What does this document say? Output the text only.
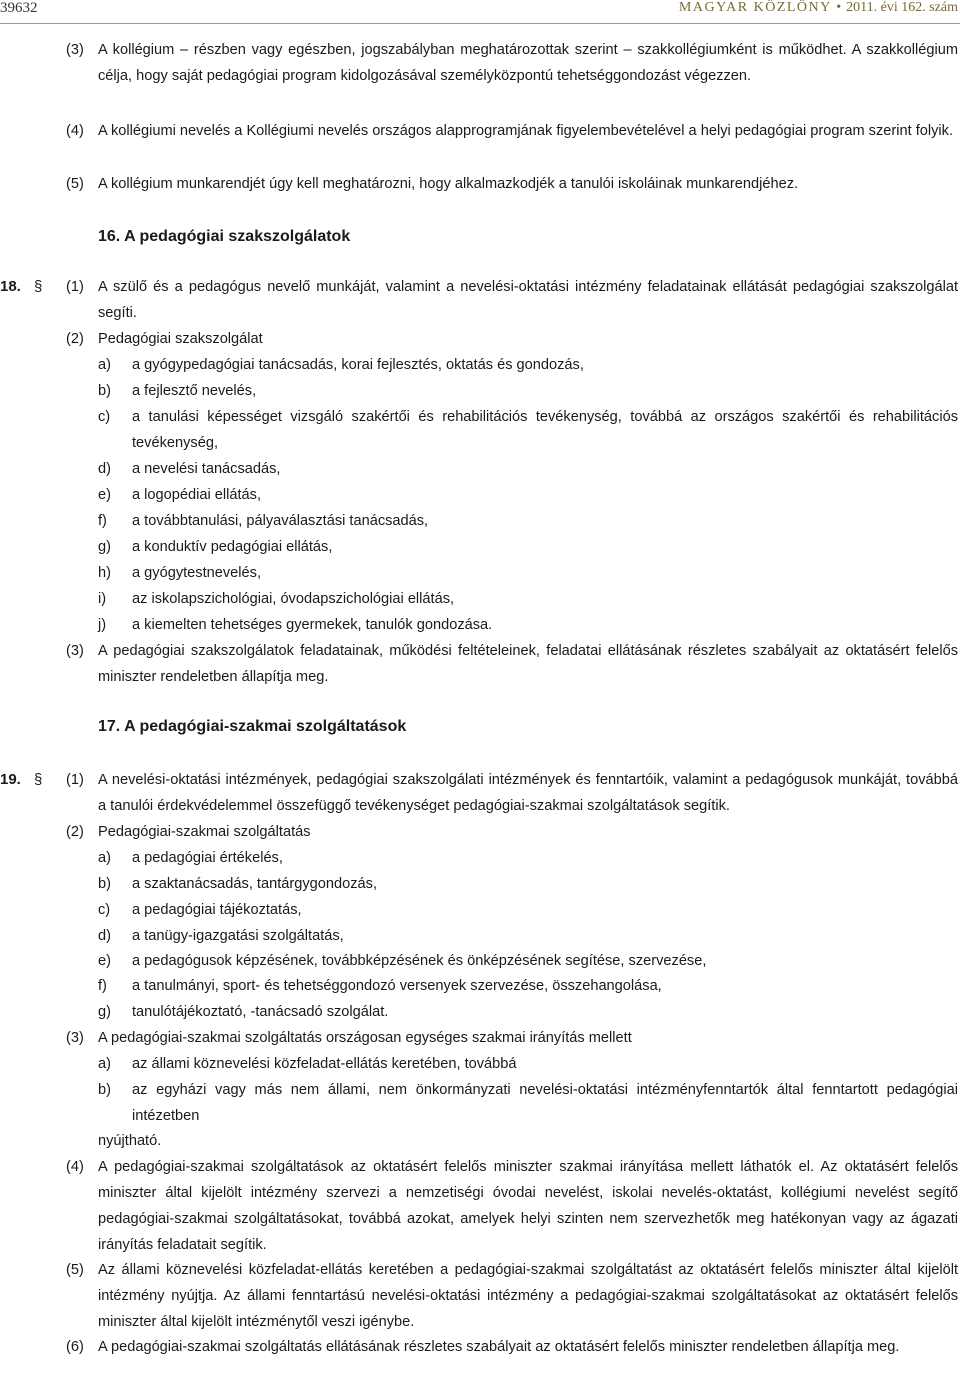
39632	MAGYAR KÖZLÖNY • 2011. évi 162. szám
(3) A kollégium – részben vagy egészben, jogszabályban meghatározottak szerint – szakkollégiumként is működhet. A szakkollégium célja, hogy saját pedagógiai program kidolgozásával személyközpontú tehetséggondozást végezzen.
(4) A kollégiumi nevelés a Kollégiumi nevelés országos alapprogramjának figyelembevételével a helyi pedagógiai program szerint folyik.
(5) A kollégium munkarendjét úgy kell meghatározni, hogy alkalmazkodjék a tanulói iskoláinak munkarendjéhez.
16. A pedagógiai szakszolgálatok
18. § (1) A szülő és a pedagógus nevelő munkáját, valamint a nevelési-oktatási intézmény feladatainak ellátását pedagógiai szakszolgálat segíti.
(2) Pedagógiai szakszolgálat
a)	a gyógypedagógiai tanácsadás, korai fejlesztés, oktatás és gondozás,
b)	a fejlesztő nevelés,
c)	a tanulási képességet vizsgáló szakértői és rehabilitációs tevékenység, továbbá az országos szakértői és rehabilitációs tevékenység,
d)	a nevelési tanácsadás,
e)	a logopédiai ellátás,
f)	a továbbtanulási, pályaválasztási tanácsadás,
g)	a konduktív pedagógiai ellátás,
h)	a gyógytestnevelés,
i)	az iskolapszichológiai, óvodapszichológiai ellátás,
j)	a kiemelten tehetséges gyermekek, tanulók gondozása.
(3) A pedagógiai szakszolgálatok feladatainak, működési feltételeinek, feladatai ellátásának részletes szabályait az oktatásért felelős miniszter rendeletben állapítja meg.
17. A pedagógiai-szakmai szolgáltatások
19. § (1) A nevelési-oktatási intézmények, pedagógiai szakszolgálati intézmények és fenntartóik, valamint a pedagógusok munkáját, továbbá a tanulói érdekvédelemmel összefüggő tevékenységet pedagógiai-szakmai szolgáltatások segítik.
(2) Pedagógiai-szakmai szolgáltatás
a)	a pedagógiai értékelés,
b)	a szaktanácsadás, tantárgygondozás,
c)	a pedagógiai tájékoztatás,
d)	a tanügy-igazgatási szolgáltatás,
e)	a pedagógusok képzésének, továbbképzésének és önképzésének segítése, szervezése,
f)	a tanulmányi, sport- és tehetséggondozó versenyek szervezése, összehangolása,
g)	tanulótájékoztató, -tanácsadó szolgálat.
(3) A pedagógiai-szakmai szolgáltatás országosan egységes szakmai irányítás mellett
a)	az állami köznevelési közfeladat-ellátás keretében, továbbá
b)	az egyházi vagy más nem állami, nem önkormányzati nevelési-oktatási intézményfenntartók által fenntartott pedagógiai intézetben
nyújtható.
(4) A pedagógiai-szakmai szolgáltatások az oktatásért felelős miniszter szakmai irányítása mellett láthatók el. Az oktatásért felelős miniszter által kijelölt intézmény szervezi a nemzetiségi óvodai nevelést, iskolai nevelés-oktatást, kollégiumi nevelést segítő pedagógiai-szakmai szolgáltatásokat, továbbá azokat, amelyek helyi szinten nem szervezhetők meg hatékonyan vagy az ágazati irányítás feladatait segítik.
(5) Az állami köznevelési közfeladat-ellátás keretében a pedagógiai-szakmai szolgáltatást az oktatásért felelős miniszter által kijelölt intézmény nyújtja. Az állami fenntartású nevelési-oktatási intézmény a pedagógiai-szakmai szolgáltatásokat az oktatásért felelős miniszter által kijelölt intézménytől veszi igénybe.
(6) A pedagógiai-szakmai szolgáltatás ellátásának részletes szabályait az oktatásért felelős miniszter rendeletben állapítja meg.
